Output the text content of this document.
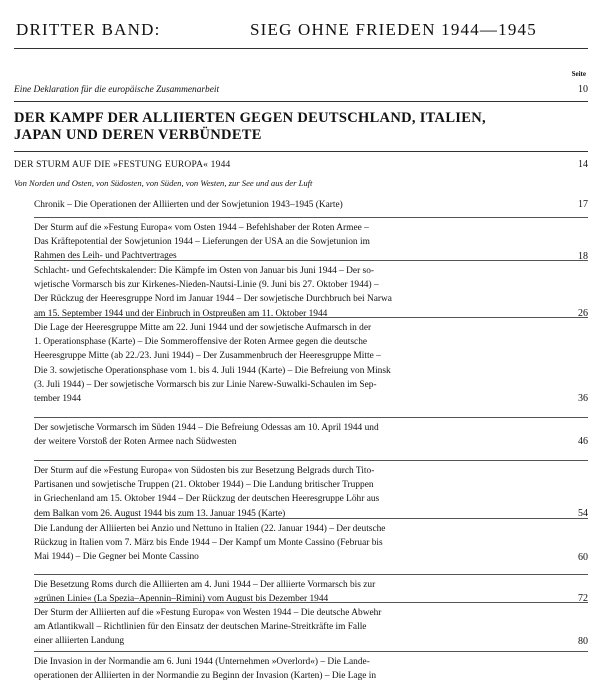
DRITTER BAND:	SIEG OHNE FRIEDEN 1944—1945
Seite
Eine Deklaration für die europäische Zusammenarbeit	10
DER KAMPF DER ALLIIERTEN GEGEN DEUTSCHLAND, ITALIEN,
JAPAN UND DEREN VERBÜNDETE
DER STURM AUF DIE »FESTUNG EUROPA« 1944	14
Von Norden und Osten, von Südosten, von Süden, von Westen, zur See und aus der Luft
Chronik – Die Operationen der Alliierten und der Sowjetunion 1943–1945 (Karte)	17
Der Sturm auf die »Festung Europa« vom Osten 1944 – Befehlshaber der Roten Armee –
Das Kräftepotential der Sowjetunion 1944 – Lieferungen der USA an die Sowjetunion im
Rahmen des Leih- und Pachtvertrages	18
Schlacht- und Gefechtskalender: Die Kämpfe im Osten von Januar bis Juni 1944 – Der so-
wjetische Vormarsch bis zur Kirkenes-Nieden-Nautsi-Linie (9. Juni bis 27. Oktober 1944) –
Der Rückzug der Heeresgruppe Nord im Januar 1944 – Der sowjetische Durchbruch bei Narwa
am 15. September 1944 und der Einbruch in Ostpreußen am 11. Oktober 1944	26
Die Lage der Heeresgruppe Mitte am 22. Juni 1944 und der sowjetische Aufmarsch in der
1. Operationsphase (Karte) – Die Sommeroffensive der Roten Armee gegen die deutsche
Heeresgruppe Mitte (ab 22./23. Juni 1944) – Der Zusammenbruch der Heeresgruppe Mitte –
Die 3. sowjetische Operationsphase vom 1. bis 4. Juli 1944 (Karte) – Die Befreiung von Minsk
(3. Juli 1944) – Der sowjetische Vormarsch bis zur Linie Narew-Suwalki-Schaulen im Sep-
tember 1944	36
Der sowjetische Vormarsch im Süden 1944 – Die Befreiung Odessas am 10. April 1944 und
der weitere Vorstoß der Roten Armee nach Südwesten	46
Der Sturm auf die »Festung Europa« von Südosten bis zur Besetzung Belgrads durch Tito-
Partisanen und sowjetische Truppen (21. Oktober 1944) – Die Landung britischer Truppen
in Griechenland am 15. Oktober 1944 – Der Rückzug der deutschen Heeresgruppe Löhr aus
dem Balkan vom 26. August 1944 bis zum 13. Januar 1945 (Karte)	54
Die Landung der Alliierten bei Anzio und Nettuno in Italien (22. Januar 1944) – Der deutsche
Rückzug in Italien vom 7. März bis Ende 1944 – Der Kampf um Monte Cassino (Februar bis
Mai 1944) – Die Gegner bei Monte Cassino	60
Die Besetzung Roms durch die Alliierten am 4. Juni 1944 – Der alliierte Vormarsch bis zur
»grünen Linie« (La Spezia–Apennin–Rimini) vom August bis Dezember 1944	72
Der Sturm der Alliierten auf die »Festung Europa« von Westen 1944 – Die deutsche Abwehr
am Atlantikwall – Richtlinien für den Einsatz der deutschen Marine-Streitkräfte im Falle
einer alliierten Landung	80
Die Invasion in der Normandie am 6. Juni 1944 (Unternehmen »Overlord«) – Die Lande-
operationen der Alliierten in der Normandie zu Beginn der Invasion (Karten) – Die Lage in
